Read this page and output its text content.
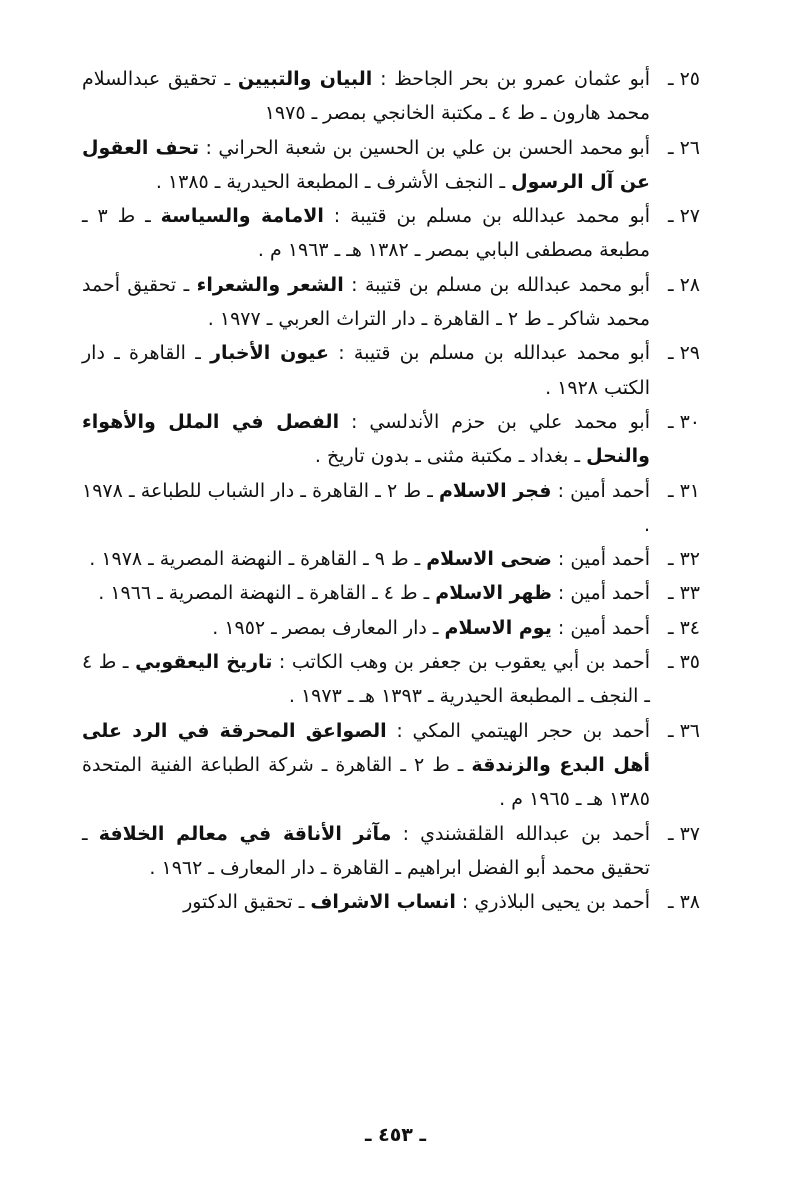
٢٥ ـ
أبو عثمان عمرو بن بحر الجاحظ : البيان والتبيين ـ تحقيق عبدالسلام محمد هارون ـ ط ٤ ـ مكتبة الخانجي بمصر ـ ١٩٧٥
٢٦ ـ
أبو محمد الحسن بن علي بن الحسين بن شعبة الحراني : تحف العقول عن آل الرسول ـ النجف الأشرف ـ المطبعة الحيدرية ـ ١٣٨٥ .
٢٧ ـ
أبو محمد عبدالله بن مسلم بن قتيبة : الامامة والسياسة ـ ط ٣ ـ مطبعة مصطفى البابي بمصر ـ ١٣٨٢ هـ ـ ١٩٦٣ م .
٢٨ ـ
أبو محمد عبدالله بن مسلم بن قتيبة : الشعر والشعراء ـ تحقيق أحمد محمد شاكر ـ ط ٢ ـ القاهرة ـ دار التراث العربي ـ ١٩٧٧ .
٢٩ ـ
أبو محمد عبدالله بن مسلم بن قتيبة : عيون الأخبار ـ القاهرة ـ دار الكتب ١٩٢٨ .
٣٠ ـ
أبو محمد علي بن حزم الأندلسي : الفصل في الملل والأهواء والنحل ـ بغداد ـ مكتبة مثنى ـ بدون تاريخ .
٣١ ـ
أحمد أمين : فجر الاسلام ـ ط ٢ ـ القاهرة ـ دار الشباب للطباعة ـ ١٩٧٨ .
٣٢ ـ
أحمد أمين : ضحى الاسلام ـ ط ٩ ـ القاهرة ـ النهضة المصرية ـ ١٩٧٨ .
٣٣ ـ
أحمد أمين : ظهر الاسلام ـ ط ٤ ـ القاهرة ـ النهضة المصرية ـ ١٩٦٦ .
٣٤ ـ
أحمد أمين : يوم الاسلام ـ دار المعارف بمصر ـ ١٩٥٢ .
٣٥ ـ
أحمد بن أبي يعقوب بن جعفر بن وهب الكاتب : تاريخ اليعقوبي ـ ط ٤ ـ النجف ـ المطبعة الحيدرية ـ ١٣٩٣ هـ ـ ١٩٧٣ .
٣٦ ـ
أحمد بن حجر الهيتمي المكي : الصواعق المحرقة في الرد على أهل البدع والزندقة ـ ط ٢ ـ القاهرة ـ شركة الطباعة الفنية المتحدة ١٣٨٥ هـ ـ ١٩٦٥ م .
٣٧ ـ
أحمد بن عبدالله القلقشندي : مآثر الأناقة في معالم الخلافة ـ تحقيق محمد أبو الفضل ابراهيم ـ القاهرة ـ دار المعارف ـ ١٩٦٢ .
٣٨ ـ
أحمد بن يحيى البلاذري : انساب الاشراف ـ تحقيق الدكتور
ـ ٤٥٣ ـ
